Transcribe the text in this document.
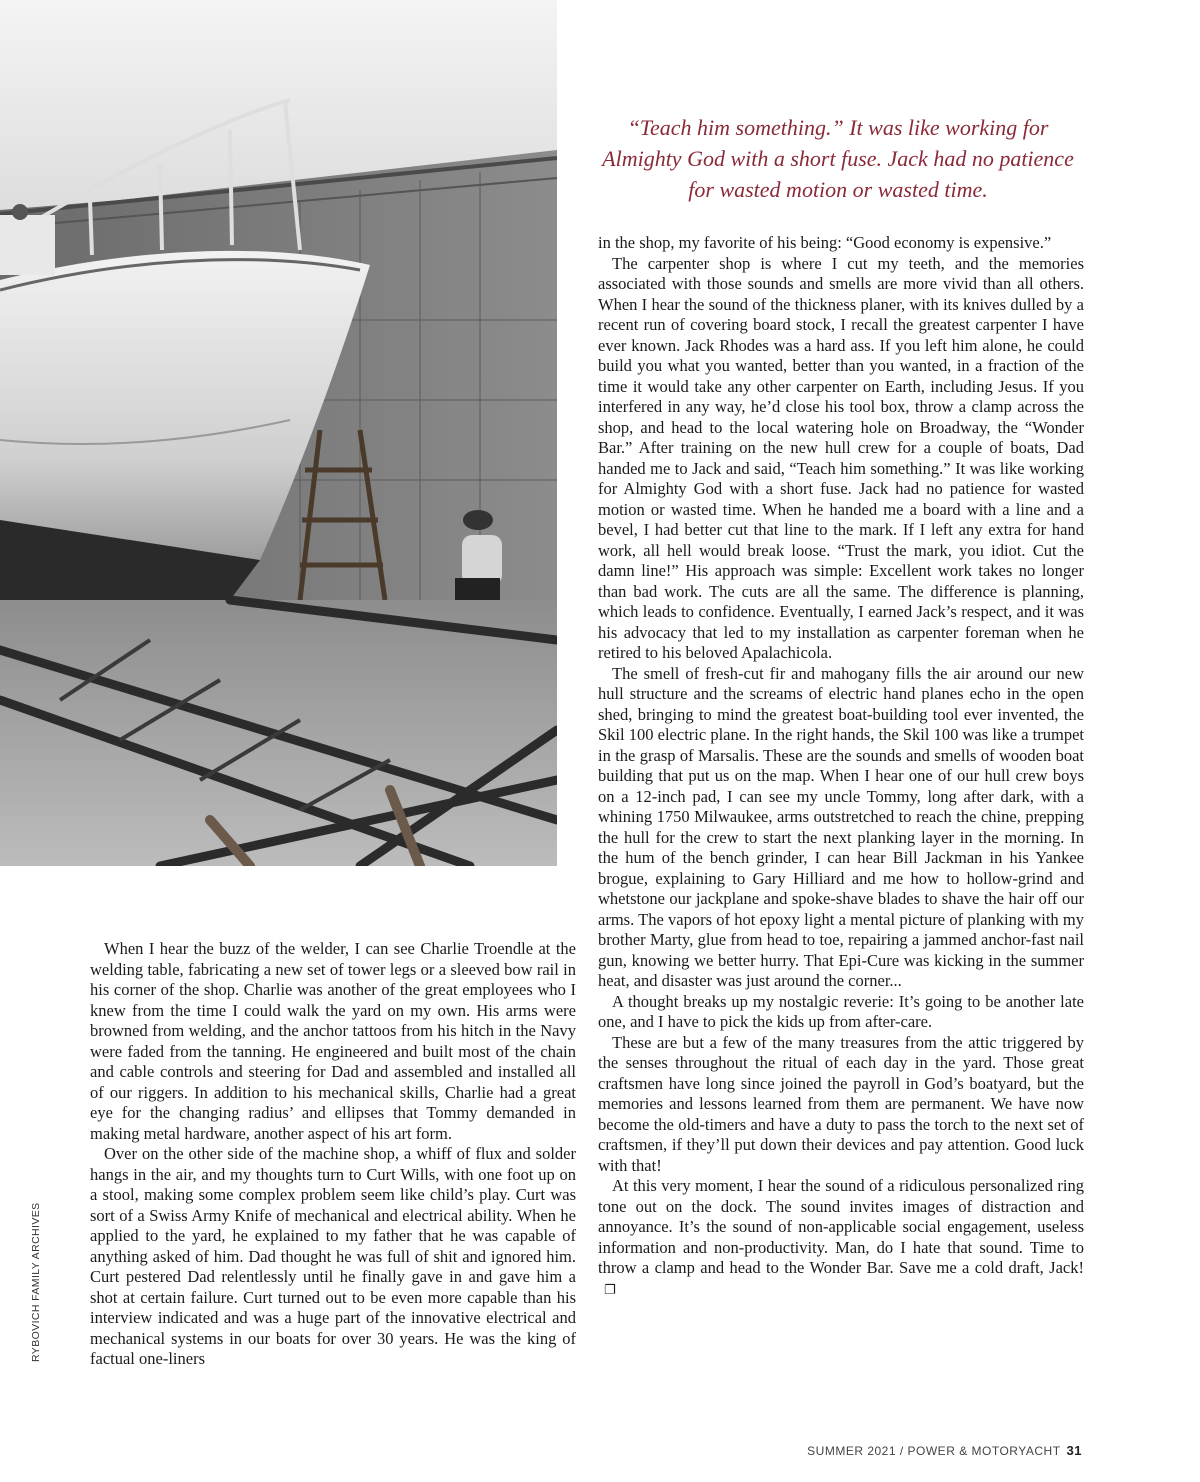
RYBOVICH FAMILY ARCHIVES
“Teach him something.” It was like working for Almighty God with a short fuse. Jack had no patience for wasted motion or wasted time.

When I hear the buzz of the welder, I can see Charlie Troendle at the welding table, fabricating a new set of tower legs or a sleeved bow rail in his corner of the shop. Charlie was another of the great employees who I knew from the time I could walk the yard on my own. His arms were browned from welding, and the anchor tattoos from his hitch in the Navy were faded from the tanning. He engineered and built most of the chain and cable controls and steering for Dad and assembled and installed all of our riggers. In addition to his mechanical skills, Charlie had a great eye for the changing radius’ and ellipses that Tommy demanded in making metal hardware, another aspect of his art form.

Over on the other side of the machine shop, a whiff of flux and solder hangs in the air, and my thoughts turn to Curt Wills, with one foot up on a stool, making some complex problem seem like child’s play. Curt was sort of a Swiss Army Knife of mechanical and electrical ability. When he applied to the yard, he explained to my father that he was capable of anything asked of him. Dad thought he was full of shit and ignored him. Curt pestered Dad relentlessly until he finally gave in and gave him a shot at certain failure. Curt turned out to be even more capable than his interview indicated and was a huge part of the innovative electrical and mechanical systems in our boats for over 30 years. He was the king of factual one-liners

in the shop, my favorite of his being: “Good economy is expensive.”

The carpenter shop is where I cut my teeth, and the memories associated with those sounds and smells are more vivid than all others. When I hear the sound of the thickness planer, with its knives dulled by a recent run of covering board stock, I recall the greatest carpenter I have ever known. Jack Rhodes was a hard ass. If you left him alone, he could build you what you wanted, better than you wanted, in a fraction of the time it would take any other carpenter on Earth, including Jesus. If you interfered in any way, he’d close his tool box, throw a clamp across the shop, and head to the local watering hole on Broadway, the “Wonder Bar.” After training on the new hull crew for a couple of boats, Dad handed me to Jack and said, “Teach him something.” It was like working for Almighty God with a short fuse. Jack had no patience for wasted motion or wasted time. When he handed me a board with a line and a bevel, I had better cut that line to the mark. If I left any extra for hand work, all hell would break loose. “Trust the mark, you idiot. Cut the damn line!” His approach was simple: Excellent work takes no longer than bad work. The cuts are all the same. The difference is planning, which leads to confidence. Eventually, I earned Jack’s respect, and it was his advocacy that led to my installation as carpenter foreman when he retired to his beloved Apalachicola.

The smell of fresh-cut fir and mahogany fills the air around our new hull structure and the screams of electric hand planes echo in the open shed, bringing to mind the greatest boat-building tool ever invented, the Skil 100 electric plane. In the right hands, the Skil 100 was like a trumpet in the grasp of Marsalis. These are the sounds and smells of wooden boat building that put us on the map. When I hear one of our hull crew boys on a 12-inch pad, I can see my uncle Tommy, long after dark, with a whining 1750 Milwaukee, arms outstretched to reach the chine, prepping the hull for the crew to start the next planking layer in the morning. In the hum of the bench grinder, I can hear Bill Jackman in his Yankee brogue, explaining to Gary Hilliard and me how to hollow-grind and whetstone our jackplane and spoke-shave blades to shave the hair off our arms. The vapors of hot epoxy light a mental picture of planking with my brother Marty, glue from head to toe, repairing a jammed anchor-fast nail gun, knowing we better hurry. That Epi-Cure was kicking in the summer heat, and disaster was just around the corner...

A thought breaks up my nostalgic reverie: It’s going to be another late one, and I have to pick the kids up from after-care.

These are but a few of the many treasures from the attic triggered by the senses throughout the ritual of each day in the yard. Those great craftsmen have long since joined the payroll in God’s boatyard, but the memories and lessons learned from them are permanent. We have now become the old-timers and have a duty to pass the torch to the next set of craftsmen, if they’ll put down their devices and pay attention. Good luck with that!

At this very moment, I hear the sound of a ridiculous personalized ring tone out on the dock. The sound invites images of distraction and annoyance. It’s the sound of non-applicable social engagement, useless information and non-productivity. Man, do I hate that sound. Time to throw a clamp and head to the Wonder Bar. Save me a cold draft, Jack!❐

SUMMER 2021 / POWER & MOTORYACHT 31
